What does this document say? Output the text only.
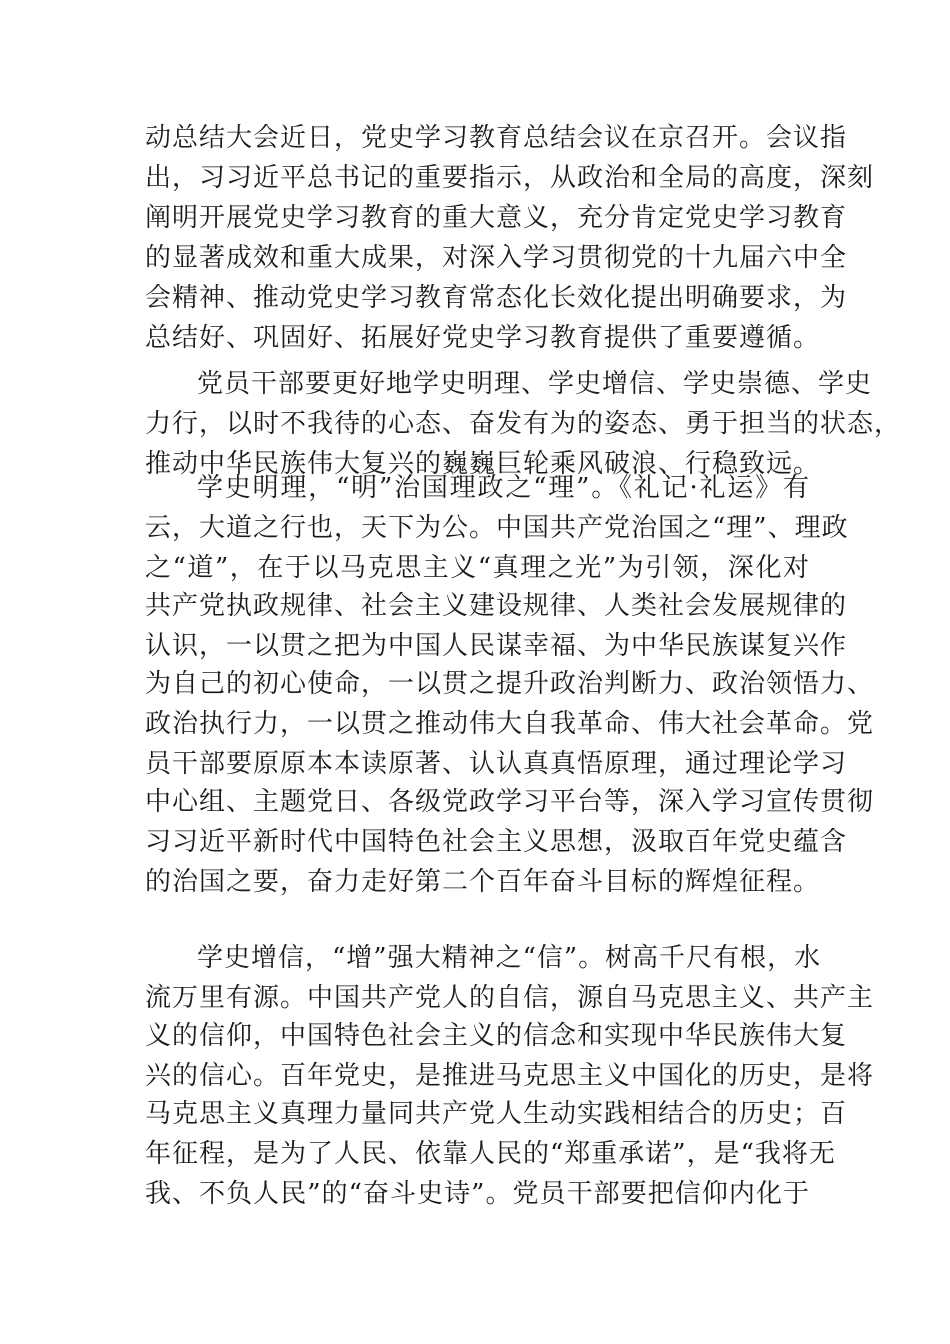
动总结大会近日，党史学习教育总结会议在京召开。会议指
出，习习近平总书记的重要指示，从政治和全局的高度，深刻
阐明开展党史学习教育的重大意义，充分肯定党史学习教育
的显著成效和重大成果，对深入学习贯彻党的十九届六中全
会精神、推动党史学习教育常态化长效化提出明确要求，为
总结好、巩固好、拓展好党史学习教育提供了重要遵循。
党员干部要更好地学史明理、学史增信、学史崇德、学史
力行，以时不我待的心态、奋发有为的姿态、勇于担当的状态，
推动中华民族伟大复兴的巍巍巨轮乘风破浪、行稳致远。
学史明理，“明”治国理政之“理”。《礼记·礼运》有
云，大道之行也，天下为公。中国共产党治国之“理”、理政
之“道”，在于以马克思主义“真理之光”为引领，深化对
共产党执政规律、社会主义建设规律、人类社会发展规律的
认识，一以贯之把为中国人民谋幸福、为中华民族谋复兴作
为自己的初心使命，一以贯之提升政治判断力、政治领悟力、
政治执行力，一以贯之推动伟大自我革命、伟大社会革命。党
员干部要原原本本读原著、认认真真悟原理，通过理论学习
中心组、主题党日、各级党政学习平台等，深入学习宣传贯彻
习习近平新时代中国特色社会主义思想，汲取百年党史蕴含
的治国之要，奋力走好第二个百年奋斗目标的辉煌征程。
学史增信，“增”强大精神之“信”。树高千尺有根，水
流万里有源。中国共产党人的自信，源自马克思主义、共产主
义的信仰，中国特色社会主义的信念和实现中华民族伟大复
兴的信心。百年党史，是推进马克思主义中国化的历史，是将
马克思主义真理力量同共产党人生动实践相结合的历史；百
年征程，是为了人民、依靠人民的“郑重承诺”，是“我将无
我、不负人民”的“奋斗史诗”。党员干部要把信仰内化于
